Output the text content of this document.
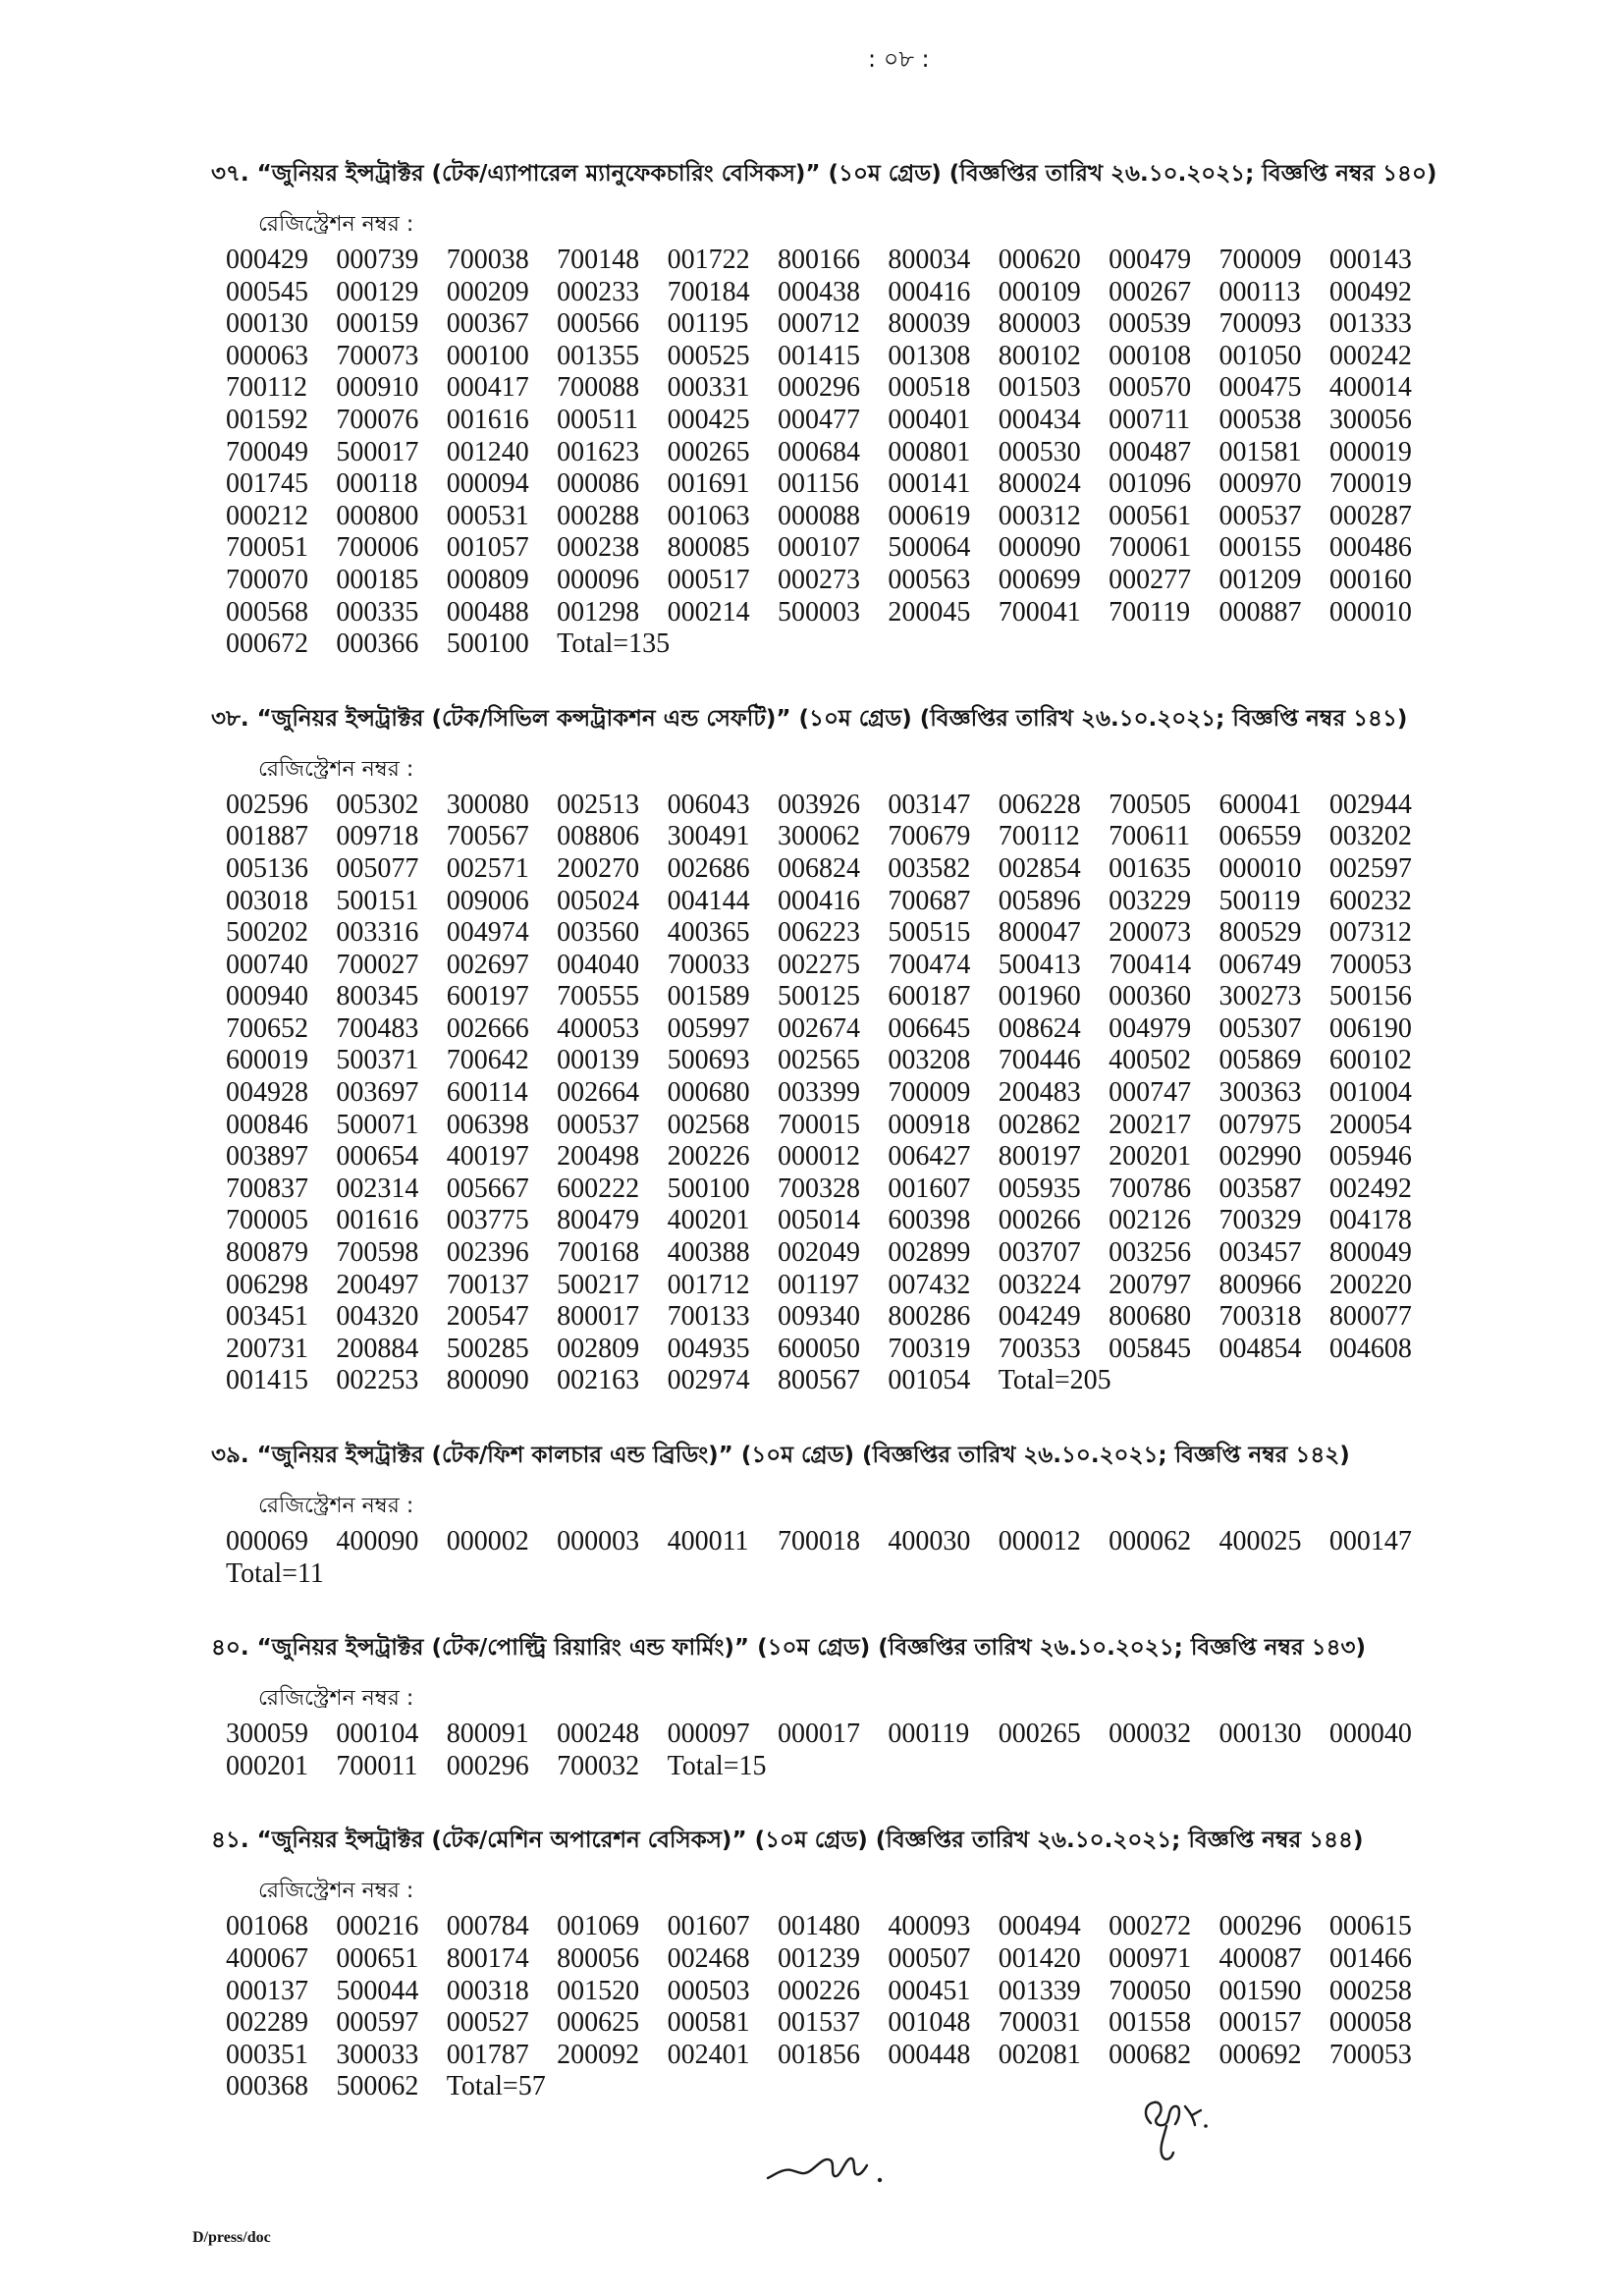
: ০৮ :
৩৭. “জুনিয়র ইন্সট্রাক্টর (টেক/এ্যাপারেল ম্যানুফেকচারিং বেসিকস)” (১০ম গ্রেড) (বিজ্ঞপ্তির তারিখ ২৬.১০.২০২১; বিজ্ঞপ্তি নম্বর ১৪০)
রেজিস্ট্রেশন নম্বর :
000429	000739	700038	700148	001722	800166	800034	000620	000479	700009	000143
000545	000129	000209	000233	700184	000438	000416	000109	000267	000113	000492
000130	000159	000367	000566	001195	000712	800039	800003	000539	700093	001333
000063	700073	000100	001355	000525	001415	001308	800102	000108	001050	000242
700112	000910	000417	700088	000331	000296	000518	001503	000570	000475	400014
001592	700076	001616	000511	000425	000477	000401	000434	000711	000538	300056
700049	500017	001240	001623	000265	000684	000801	000530	000487	001581	000019
001745	000118	000094	000086	001691	001156	000141	800024	001096	000970	700019
000212	000800	000531	000288	001063	000088	000619	000312	000561	000537	000287
700051	700006	001057	000238	800085	000107	500064	000090	700061	000155	000486
700070	000185	000809	000096	000517	000273	000563	000699	000277	001209	000160
000568	000335	000488	001298	000214	500003	200045	700041	700119	000887	000010
000672	000366	500100	Total=135
৩৮. “জুনিয়র ইন্সট্রাক্টর (টেক/সিভিল কন্সট্রাকশন এন্ড সেফটি)” (১০ম গ্রেড) (বিজ্ঞপ্তির তারিখ ২৬.১০.২০২১; বিজ্ঞপ্তি নম্বর ১৪১)
রেজিস্ট্রেশন নম্বর :
002596	005302	300080	002513	006043	003926	003147	006228	700505	600041	002944
001887	009718	700567	008806	300491	300062	700679	700112	700611	006559	003202
005136	005077	002571	200270	002686	006824	003582	002854	001635	000010	002597
003018	500151	009006	005024	004144	000416	700687	005896	003229	500119	600232
500202	003316	004974	003560	400365	006223	500515	800047	200073	800529	007312
000740	700027	002697	004040	700033	002275	700474	500413	700414	006749	700053
000940	800345	600197	700555	001589	500125	600187	001960	000360	300273	500156
700652	700483	002666	400053	005997	002674	006645	008624	004979	005307	006190
600019	500371	700642	000139	500693	002565	003208	700446	400502	005869	600102
004928	003697	600114	002664	000680	003399	700009	200483	000747	300363	001004
000846	500071	006398	000537	002568	700015	000918	002862	200217	007975	200054
003897	000654	400197	200498	200226	000012	006427	800197	200201	002990	005946
700837	002314	005667	600222	500100	700328	001607	005935	700786	003587	002492
700005	001616	003775	800479	400201	005014	600398	000266	002126	700329	004178
800879	700598	002396	700168	400388	002049	002899	003707	003256	003457	800049
006298	200497	700137	500217	001712	001197	007432	003224	200797	800966	200220
003451	004320	200547	800017	700133	009340	800286	004249	800680	700318	800077
200731	200884	500285	002809	004935	600050	700319	700353	005845	004854	004608
001415	002253	800090	002163	002974	800567	001054	Total=205
৩৯. “জুনিয়র ইন্সট্রাক্টর (টেক/ফিশ কালচার এন্ড ব্রিডিং)” (১০ম গ্রেড) (বিজ্ঞপ্তির তারিখ ২৬.১০.২০২১; বিজ্ঞপ্তি নম্বর ১৪২)
রেজিস্ট্রেশন নম্বর :
000069	400090	000002	000003	400011	700018	400030	000012	000062	400025	000147
Total=11
৪০. “জুনিয়র ইন্সট্রাক্টর (টেক/পোল্ট্রি রিয়ারিং এন্ড ফার্মিং)” (১০ম গ্রেড) (বিজ্ঞপ্তির তারিখ ২৬.১০.২০২১; বিজ্ঞপ্তি নম্বর ১৪৩)
রেজিস্ট্রেশন নম্বর :
300059	000104	800091	000248	000097	000017	000119	000265	000032	000130	000040
000201	700011	000296	700032	Total=15
৪১. “জুনিয়র ইন্সট্রাক্টর (টেক/মেশিন অপারেশন বেসিকস)” (১০ম গ্রেড) (বিজ্ঞপ্তির তারিখ ২৬.১০.২০২১; বিজ্ঞপ্তি নম্বর ১৪৪)
রেজিস্ট্রেশন নম্বর :
001068	000216	000784	001069	001607	001480	400093	000494	000272	000296	000615
400067	000651	800174	800056	002468	001239	000507	001420	000971	400087	001466
000137	500044	000318	001520	000503	000226	000451	001339	700050	001590	000258
002289	000597	000527	000625	000581	001537	001048	700031	001558	000157	000058
000351	300033	001787	200092	002401	001856	000448	002081	000682	000692	700053
000368	500062	Total=57
D/press/doc
